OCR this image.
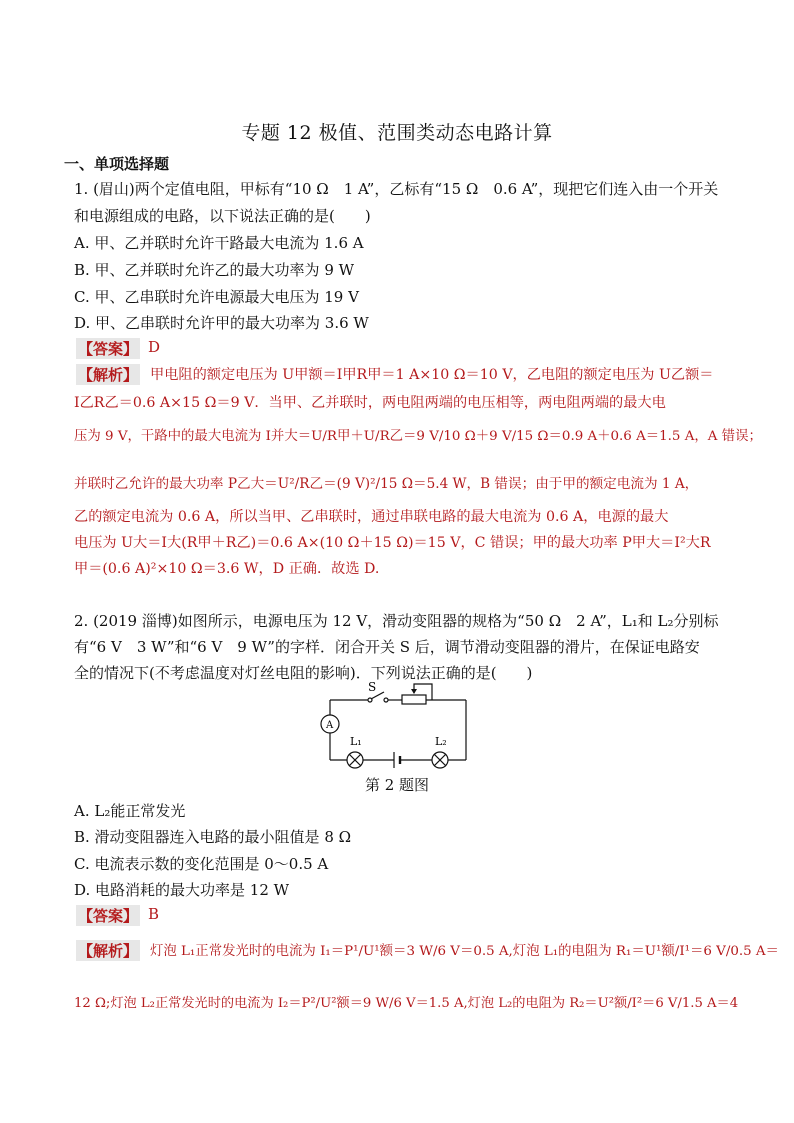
专题 12 极值、范围类动态电路计算
一、单项选择题
1. (眉山)两个定值电阻，甲标有“10 Ω　1 A”，乙标有“15 Ω　0.6 A”，现把它们连入由一个开关
和电源组成的电路，以下说法正确的是(　　)
A. 甲、乙并联时允许干路最大电流为 1.6 A
B. 甲、乙并联时允许乙的最大功率为 9 W
C. 甲、乙串联时允许电源最大电压为 19 V
D. 甲、乙串联时允许甲的最大功率为 3.6 W
【答案】 D
【解析】 甲电阻的额定电压为 U甲额＝I甲R甲＝1 A×10 Ω＝10 V，乙电阻的额定电压为 U乙额＝
I乙R乙＝0.6 A×15 Ω＝9 V．当甲、乙并联时，两电阻两端的电压相等，两电阻两端的最大电
压为 9 V，干路中的最大电流为 I并大＝U/R甲＋U/R乙＝9 V/10 Ω＋9 V/15 Ω＝0.9 A＋0.6 A＝1.5 A，A 错误；
并联时乙允许的最大功率 P乙大＝U²/R乙＝(9 V)²/15 Ω＝5.4 W，B 错误；由于甲的额定电流为 1 A，
乙的额定电流为 0.6 A，所以当甲、乙串联时，通过串联电路的最大电流为 0.6 A，电源的最大
电压为 U大＝I大(R甲＋R乙)＝0.6 A×(10 Ω＋15 Ω)＝15 V，C 错误；甲的最大功率 P甲大＝I²大R
甲＝(0.6 A)²×10 Ω＝3.6 W，D 正确．故选 D.
2. (2019 淄博)如图所示，电源电压为 12 V，滑动变阻器的规格为“50 Ω　2 A”，L₁和 L₂分别标
有“6 V　3 W”和“6 V　9 W”的字样．闭合开关 S 后，调节滑动变阻器的滑片，在保证电路安
全的情况下(不考虑温度对灯丝电阻的影响)．下列说法正确的是(　　)
S
A
L₁	L₂
第 2 题图
A. L₂能正常发光
B. 滑动变阻器连入电路的最小阻值是 8 Ω
C. 电流表示数的变化范围是 0～0.5 A
D. 电路消耗的最大功率是 12 W
【答案】 B
【解析】 灯泡 L₁正常发光时的电流为 I₁＝P¹/U¹额＝3 W/6 V＝0.5 A,灯泡 L₁的电阻为 R₁＝U¹额/I¹＝6 V/0.5 A＝
12 Ω;灯泡 L₂正常发光时的电流为 I₂＝P²/U²额＝9 W/6 V＝1.5 A,灯泡 L₂的电阻为 R₂＝U²额/I²＝6 V/1.5 A＝4
